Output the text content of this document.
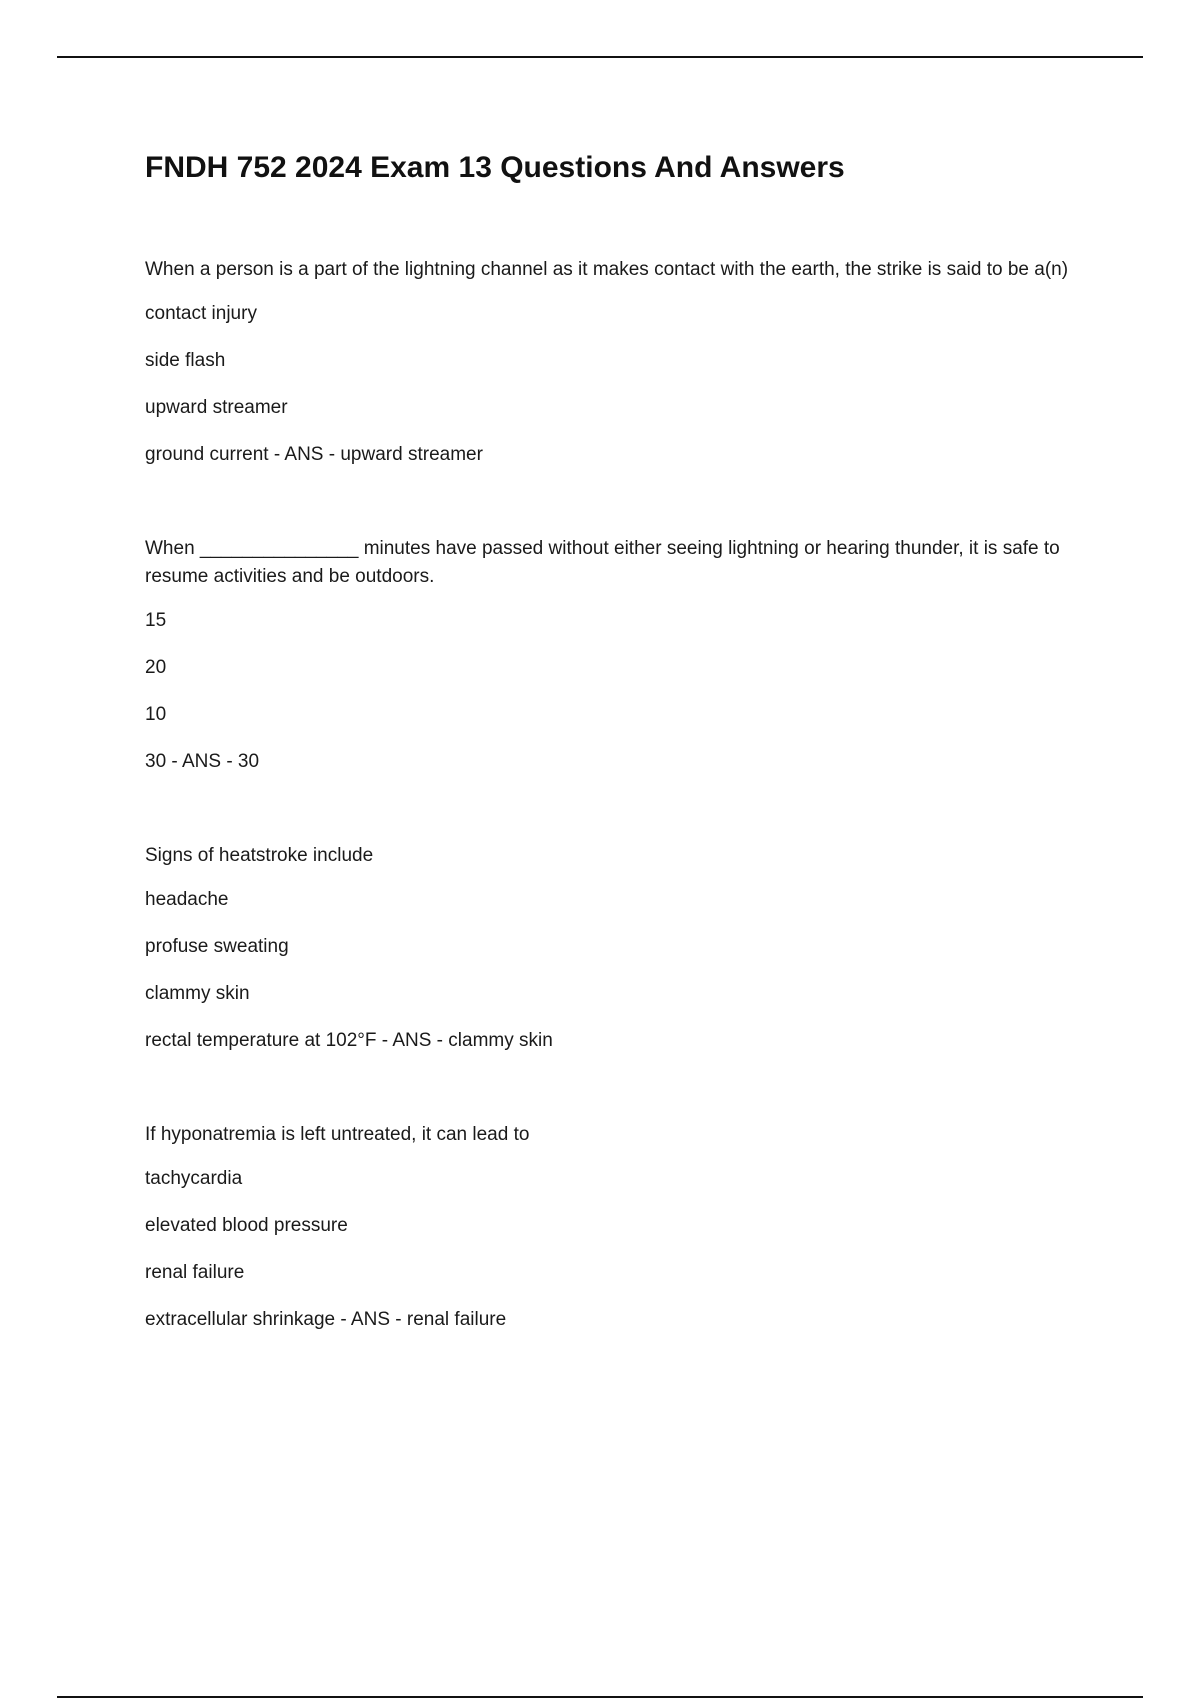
FNDH 752 2024 Exam 13 Questions And Answers

When a person is a part of the lightning channel as it makes contact with the earth, the strike is said to be a(n)

contact injury

side flash

upward streamer

ground current - ANS - upward streamer

When _______________ minutes have passed without either seeing lightning or hearing thunder, it is safe to resume activities and be outdoors.

15

20

10

30 - ANS - 30

Signs of heatstroke include

headache

profuse sweating

clammy skin

rectal temperature at 102°F - ANS - clammy skin

If hyponatremia is left untreated, it can lead to

tachycardia

elevated blood pressure

renal failure

extracellular shrinkage - ANS - renal failure
